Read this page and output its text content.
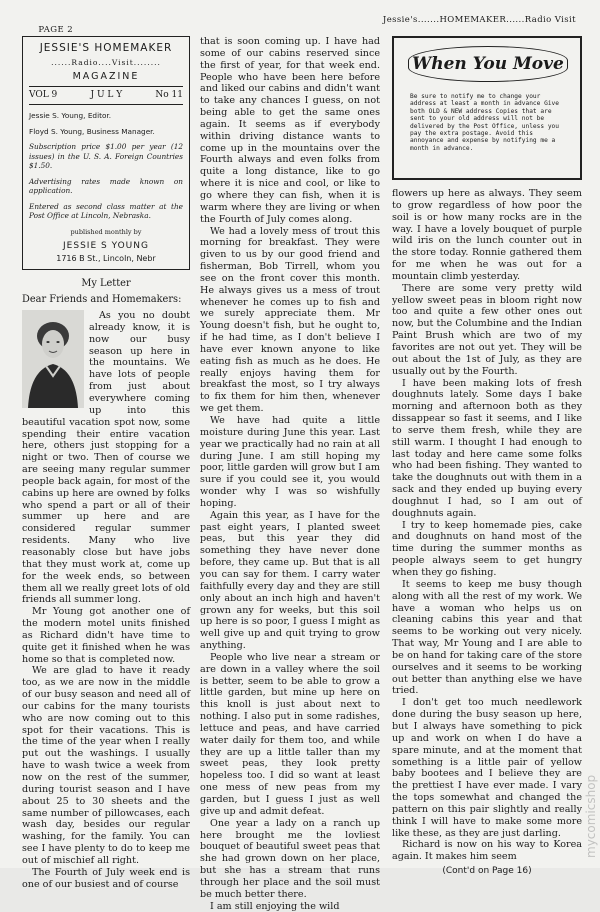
PAGE 2

Jessie's.......HOMEMAKER......Radio Visit

JESSIE'S HOMEMAKER
......Radio....Visit........
MAGAZINE
VOL 9	J U L Y	No 11
Jessie S. Young, Editor.
Floyd S. Young, Business Manager.
Subscription price $1.00 per year (12 issues) in the U. S. A. Foreign Countries $1.50.
Advertising rates made known on application.
Entered as second class matter at the Post Office at Lincoln, Nebraska.
published monthly by
JESSIE S YOUNG
1716 B St., Lincoln, Nebr
My Letter
Dear Friends and Homemakers:

As you no doubt already know, it is now our busy season up here in the mountains. We have lots of people from just about everywhere coming up into this beautiful vacation spot now, some spending their entire vacation here, others just stopping for a night or two. Then of course we are seeing many regular summer people back again, for most of the cabins up here are owned by folks who spend a part or all of their summer up here and are considered regular summer residents. Many who live reasonably close but have jobs that they must work at, come up for the week ends, so between them all we really greet lots of old friends all summer long.

Mr Young got another one of the modern motel units finished as Richard didn't have time to quite get it finished when he was home so that is completed now.

We are glad to have it ready too, as we are now in the middle of our busy season and need all of our cabins for the many tourists who are now coming out to this spot for their vacations. This is the time of the year when I really put out the washings. I usually have to wash twice a week from now on the rest of the summer, during tourist season and I have about 25 to 30 sheets and the same number of pillowcases, each wash day, besides our regular washing, for the family. You can see I have plenty to do to keep me out of mischief all right.

The Fourth of July week end is one of our busiest and of course

that is soon coming up. I have had some of our cabins reserved since the first of year, for that week end. People who have been here before and liked our cabins and didn't want to take any chances I guess, on not being able to get the same ones again. It seems as if everybody within driving distance wants to come up in the mountains over the Fourth always and even folks from quite a long distance, like to go where it is nice and cool, or like to go where they can fish, when it is warm where they are living or when the Fourth of July comes along.

We had a lovely mess of trout this morning for breakfast. They were given to us by our good friend and fisherman, Bob Tirrell, whom you see on the front cover this month. He always gives us a mess of trout whenever he comes up to fish and we surely appreciate them. Mr Young doesn't fish, but he ought to, if he had time, as I don't believe I have ever known anyone to like eating fish as much as he does. He really enjoys having them for breakfast the most, so I try always to fix them for him then, whenever we get them.

We have had quite a little moisture during June this year. Last year we practically had no rain at all during June. I am still hoping my poor, little garden will grow but I am sure if you could see it, you would wonder why I was so wishfully hoping.

Again this year, as I have for the past eight years, I planted sweet peas, but this year they did something they have never done before, they came up. But that is all you can say for them. I carry water faithfully every day and they are still only about an inch high and haven't grown any for weeks, but this soil up here is so poor, I guess I might as well give up and quit trying to grow anything.

People who live near a stream or are down in a valley where the soil is better, seem to be able to grow a little garden, but mine up here on this knoll is just about next to nothing. I also put in some radishes, lettuce and peas, and have carried water daily for them too, and while they are up a little taller than my sweet peas, they look pretty hopeless too. I did so want at least one mess of new peas from my garden, but I guess I just as well give up and admit defeat.

One year a lady on a ranch up here brought me the lovliest bouquet of beautiful sweet peas that she had grown down on her place, but she has a stream that runs through her place and the soil must be much better there.

I am still enjoying the wild

When You Move
Be sure to notify me to change your address at least a month in advance Give both OLD & NEW address Copies that are sent to your old address will not be delivered by the Post Office, unless you pay the extra postage. Avoid this annoyance and expense by notifying me a month in advance.

flowers up here as always. They seem to grow regardless of how poor the soil is or how many rocks are in the way. I have a lovely bouquet of purple wild iris on the lunch counter out in the store today. Ronnie gathered them for me when he was out for a mountain climb yesterday.

There are some very pretty wild yellow sweet peas in bloom right now too and quite a few other ones out now, but the Columbine and the Indian Paint Brush which are two of my favorites are not out yet. They will be out about the 1st of July, as they are usually out by the Fourth.

I have been making lots of fresh doughnuts lately. Some days I bake morning and afternoon both as they dissappear so fast it seems, and I like to serve them fresh, while they are still warm. I thought I had enough to last today and here came some folks who had been fishing. They wanted to take the doughnuts out with them in a sack and they ended up buying every doughnut I had, so I am out of doughnuts again.

I try to keep homemade pies, cake and doughnuts on hand most of the time during the summer months as people always seem to get hungry when they go fishing.

It seems to keep me busy though along with all the rest of my work. We have a woman who helps us on cleaning cabins this year and that seems to be working out very nicely. That way, Mr Young and I are able to be on hand for taking care of the store ourselves and it seems to be working out better than anything else we have tried.

I don't get too much needlework done during the busy season up here, but I always have something to pick up and work on when I do have a spare minute, and at the moment that something is a little pair of yellow baby bootees and I believe they are the prettiest I have ever made. I vary the tops somewhat and changed the pattern on this pair slightly and really think I will have to make some more like these, as they are just darling.

Richard is now on his way to Korea again. It makes him seem

(Cont'd on Page 16)
mycomicshop
